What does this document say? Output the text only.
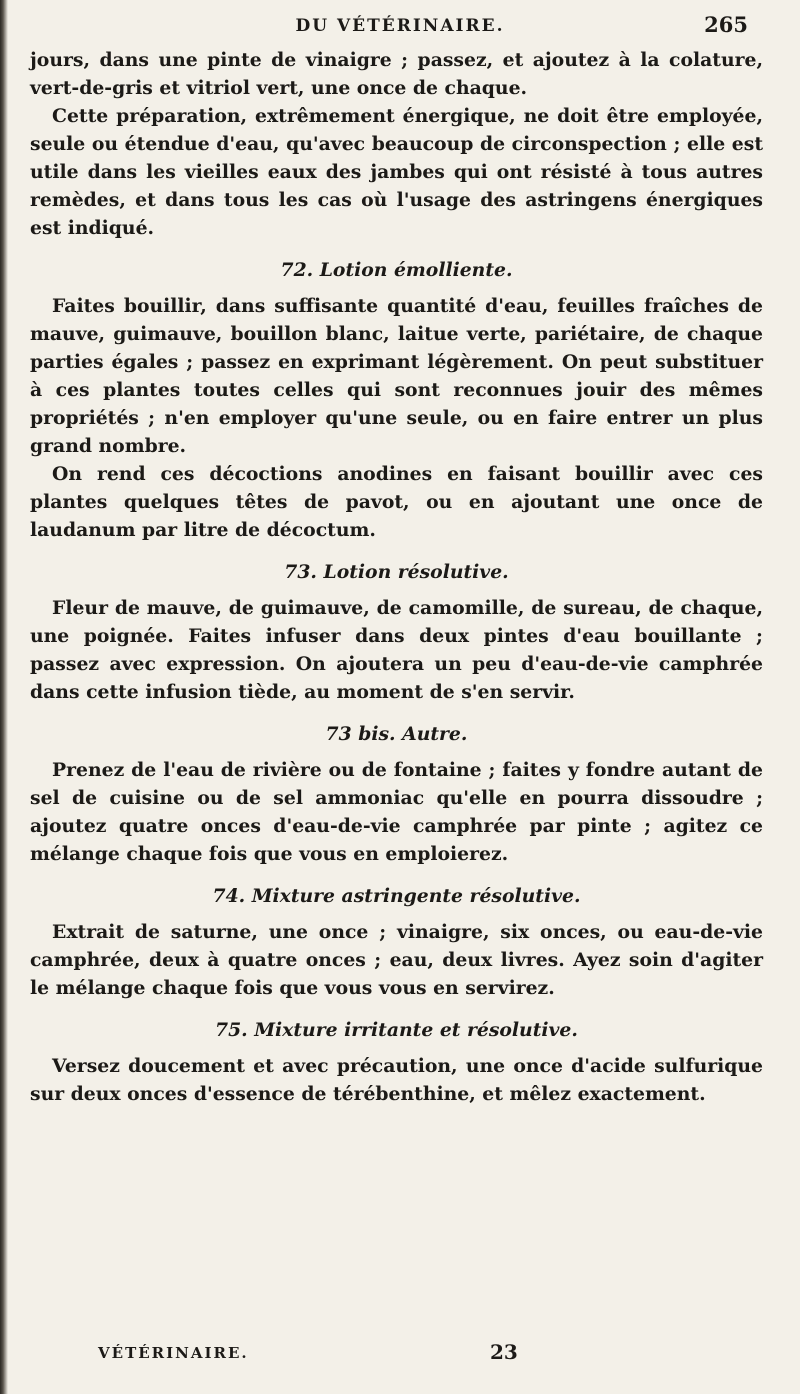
DU VÉTÉRINAIRE.	265

jours, dans une pinte de vinaigre ; passez, et ajoutez à la colature, vert-de-gris et vitriol vert, une once de chaque.

Cette préparation, extrêmement énergique, ne doit être employée, seule ou étendue d'eau, qu'avec beaucoup de circonspection ; elle est utile dans les vieilles eaux des jambes qui ont résisté à tous autres remèdes, et dans tous les cas où l'usage des astringens énergiques est indiqué.

72. Lotion émolliente.

Faites bouillir, dans suffisante quantité d'eau, feuilles fraîches de mauve, guimauve, bouillon blanc, laitue verte, pariétaire, de chaque parties égales ; passez en exprimant légèrement. On peut substituer à ces plantes toutes celles qui sont reconnues jouir des mêmes propriétés ; n'en employer qu'une seule, ou en faire entrer un plus grand nombre.

On rend ces décoctions anodines en faisant bouillir avec ces plantes quelques têtes de pavot, ou en ajoutant une once de laudanum par litre de décoctum.

73. Lotion résolutive.

Fleur de mauve, de guimauve, de camomille, de sureau, de chaque, une poignée. Faites infuser dans deux pintes d'eau bouillante ; passez avec expression. On ajoutera un peu d'eau-de-vie camphrée dans cette infusion tiède, au moment de s'en servir.

73 bis. Autre.

Prenez de l'eau de rivière ou de fontaine ; faites y fondre autant de sel de cuisine ou de sel ammoniac qu'elle en pourra dissoudre ; ajoutez quatre onces d'eau-de-vie camphrée par pinte ; agitez ce mélange chaque fois que vous en emploierez.

74. Mixture astringente résolutive.

Extrait de saturne, une once ; vinaigre, six onces, ou eau-de-vie camphrée, deux à quatre onces ; eau, deux livres. Ayez soin d'agiter le mélange chaque fois que vous vous en servirez.

75. Mixture irritante et résolutive.

Versez doucement et avec précaution, une once d'acide sulfurique sur deux onces d'essence de térébenthine, et mêlez exactement.

VÉTÉRINAIRE.	23
